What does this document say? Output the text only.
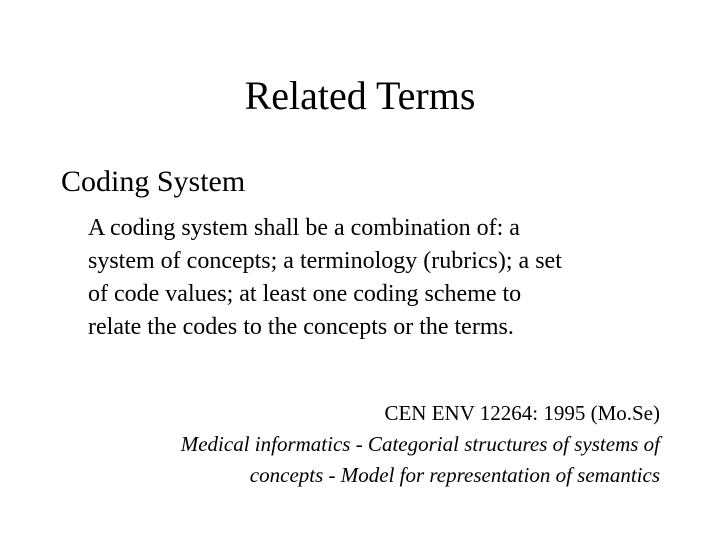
Related Terms
Coding System
A coding system shall be a combination of: a
system of concepts; a terminology (rubrics); a set
of code values; at least one coding scheme to
relate the codes to the concepts or the terms.
CEN ENV 12264: 1995 (Mo.Se)
Medical informatics - Categorial structures of systems of
concepts - Model for representation of semantics
